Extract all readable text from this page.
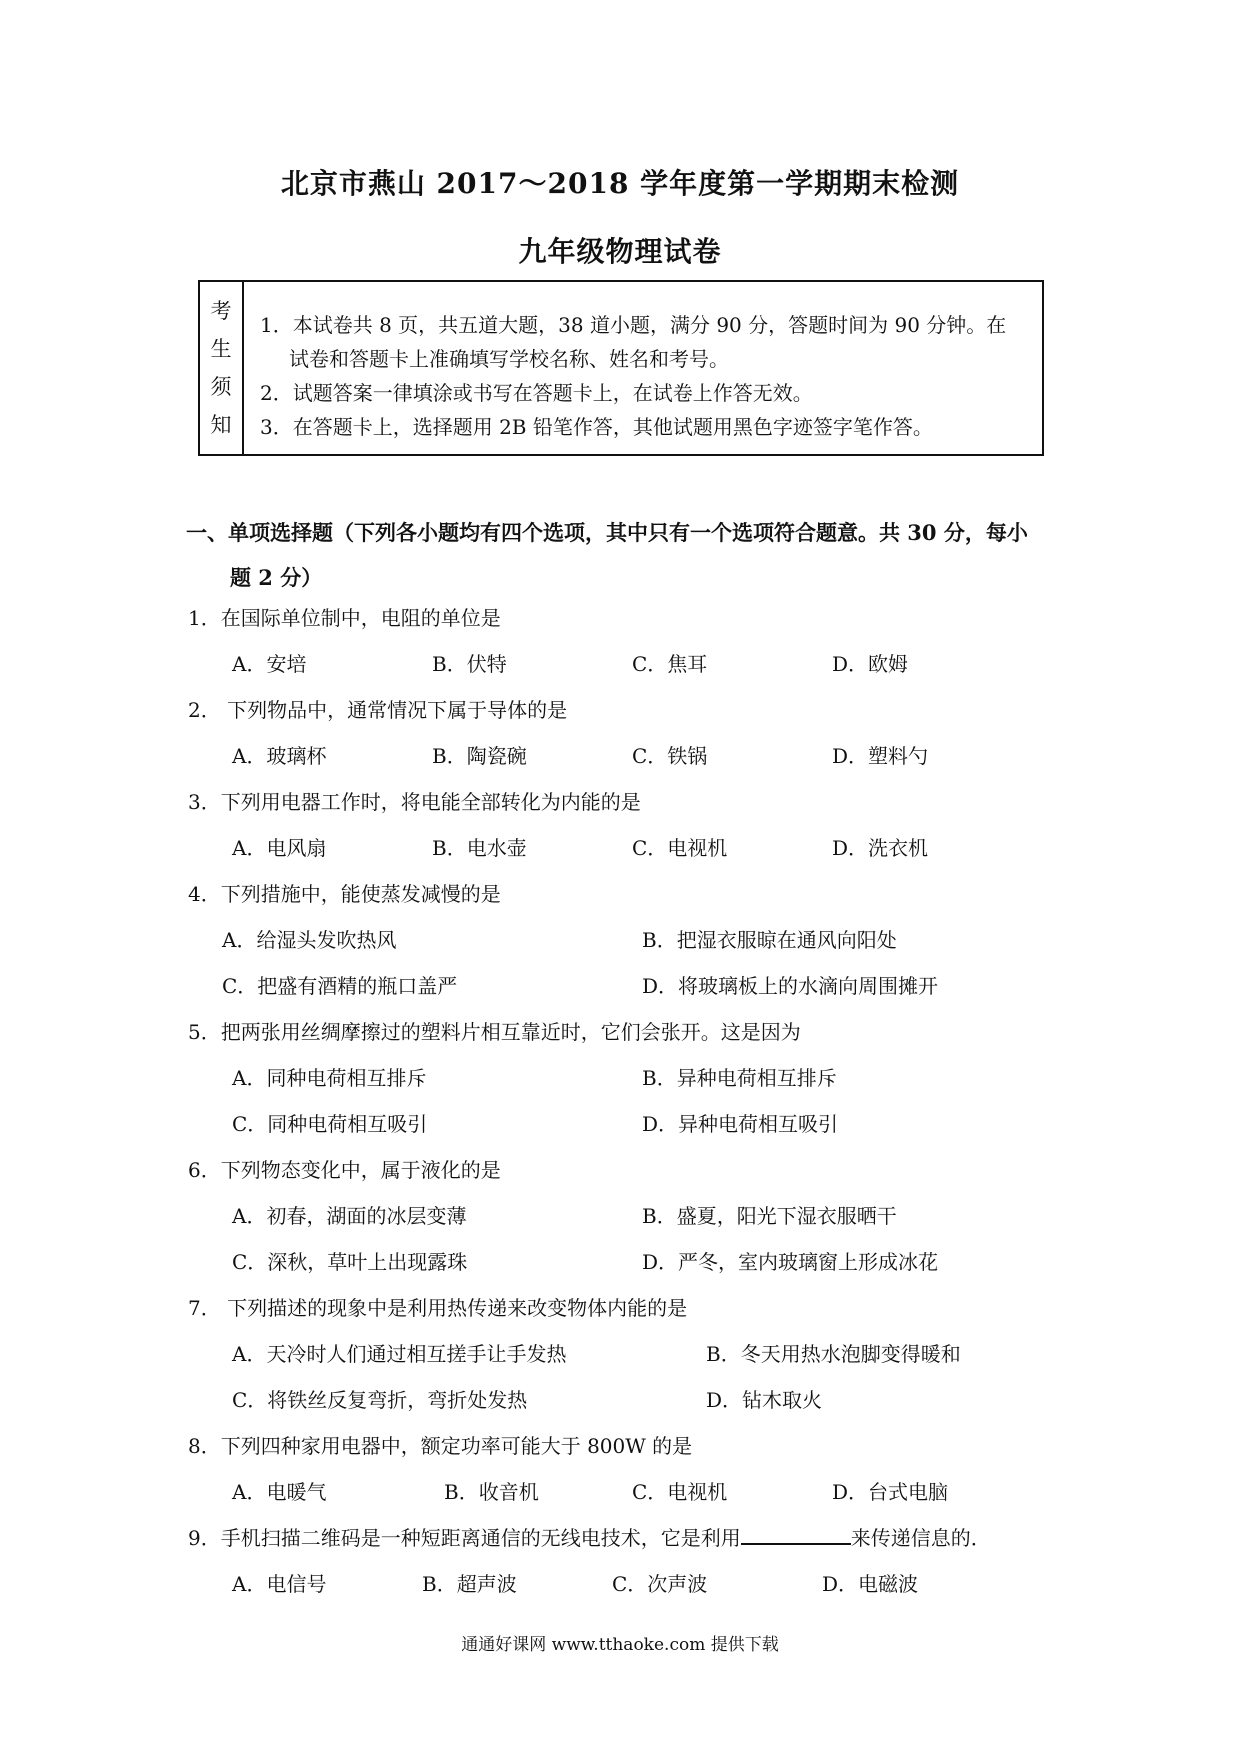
北京市燕山 2017～2018 学年度第一学期期末检测
九年级物理试卷
考
生
须
知
1．本试卷共 8 页，共五道大题，38 道小题，满分 90 分，答题时间为 90 分钟。在
试卷和答题卡上准确填写学校名称、姓名和考号。
2．试题答案一律填涂或书写在答题卡上，在试卷上作答无效。
3．在答题卡上，选择题用 2B 铅笔作答，其他试题用黑色字迹签字笔作答。
一、单项选择题（下列各小题均有四个选项，其中只有一个选项符合题意。共 30 分，每小
题 2 分）
1．在国际单位制中，电阻的单位是
A．安培	B．伏特	C．焦耳	D．欧姆
2． 下列物品中，通常情况下属于导体的是
A．玻璃杯	B．陶瓷碗	C．铁锅	D．塑料勺
3．下列用电器工作时，将电能全部转化为内能的是
A．电风扇	B．电水壶	C．电视机	D．洗衣机
4．下列措施中，能使蒸发减慢的是
A．给湿头发吹热风	B．把湿衣服晾在通风向阳处
C．把盛有酒精的瓶口盖严	D．将玻璃板上的水滴向周围摊开
5．把两张用丝绸摩擦过的塑料片相互靠近时，它们会张开。这是因为
A．同种电荷相互排斥	B．异种电荷相互排斥
C．同种电荷相互吸引	D．异种电荷相互吸引
6．下列物态变化中，属于液化的是
A．初春，湖面的冰层变薄	B．盛夏，阳光下湿衣服晒干
C．深秋，草叶上出现露珠	D．严冬，室内玻璃窗上形成冰花
7． 下列描述的现象中是利用热传递来改变物体内能的是
A．天冷时人们通过相互搓手让手发热	B．冬天用热水泡脚变得暖和
C．将铁丝反复弯折，弯折处发热	D．钻木取火
8．下列四种家用电器中，额定功率可能大于 800W 的是
A．电暖气	B．收音机	C．电视机	D．台式电脑
9．手机扫描二维码是一种短距离通信的无线电技术，它是利用	来传递信息的．
A．电信号	B．超声波	C．次声波	D．电磁波
通通好课网 www.tthaoke.com 提供下载
